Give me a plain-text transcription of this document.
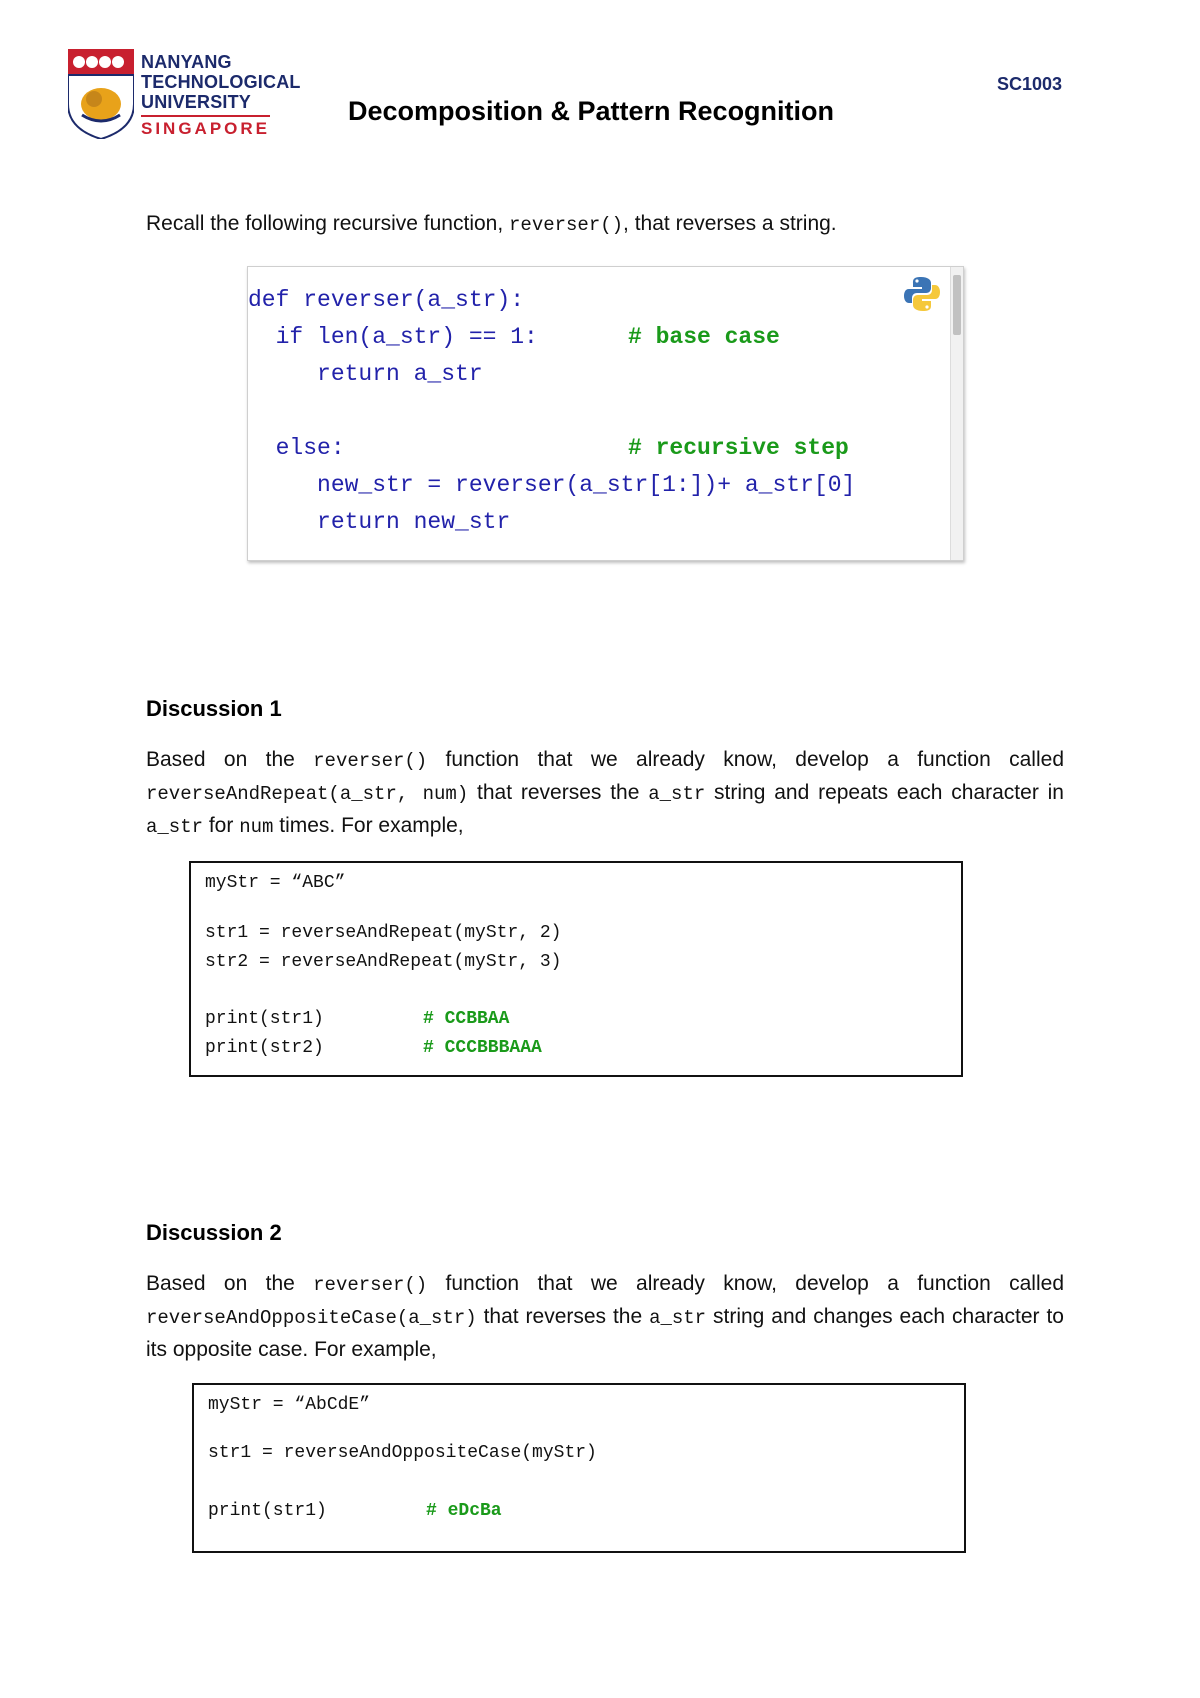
NANYANG
TECHNOLOGICAL
UNIVERSITY
SINGAPORE
SC1003
Decomposition & Pattern Recognition
Recall the following recursive function, reverser(), that reverses a string.
def reverser(a_str):
if len(a_str) == 1:	# base case
return a_str
else:	# recursive step
new_str = reverser(a_str[1:])+ a_str[0]
return new_str
Discussion 1
Based on the reverser() function that we already know, develop a function called reverseAndRepeat(a_str, num) that reverses the a_str string and repeats each character in a_str for num times. For example,
myStr = “ABC”
str1 = reverseAndRepeat(myStr, 2)
str2 = reverseAndRepeat(myStr, 3)
print(str1)	# CCBBAA
print(str2)	# CCCBBBAAA
Discussion 2
Based on the reverser() function that we already know, develop a function called reverseAndOppositeCase(a_str) that reverses the a_str string and changes each character to its opposite case. For example,
myStr = “AbCdE”
str1 = reverseAndOppositeCase(myStr)
print(str1)	# eDcBa
